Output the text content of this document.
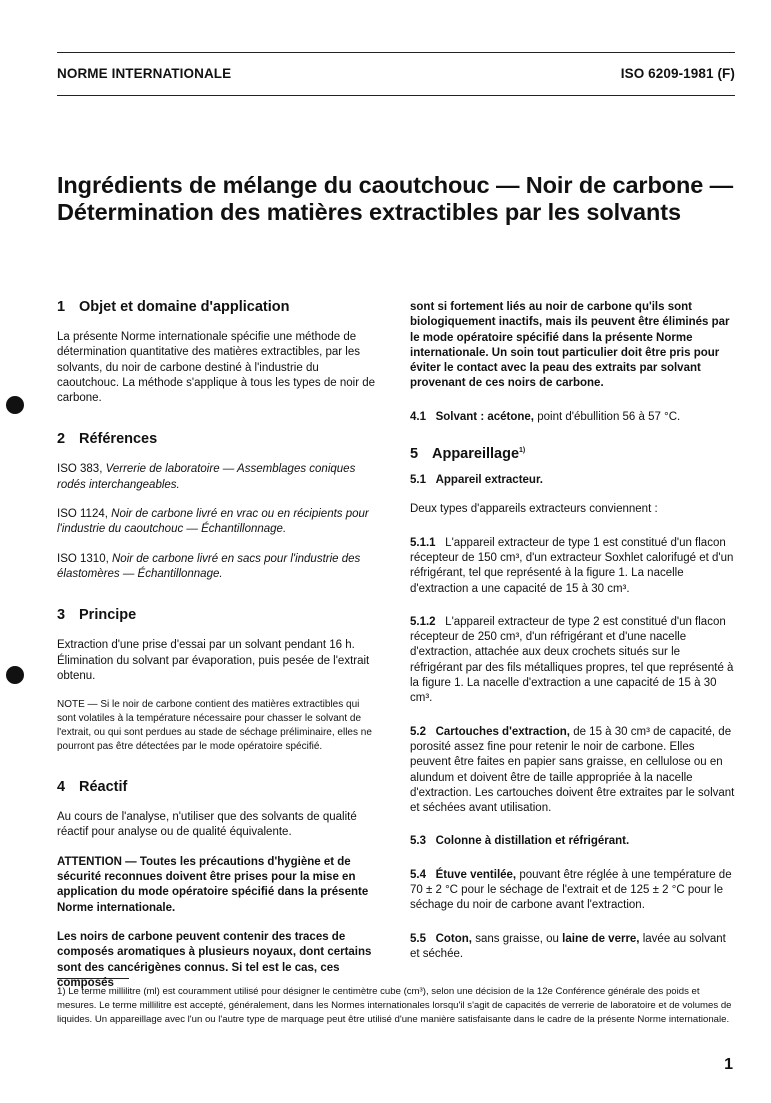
NORME INTERNATIONALE	ISO 6209-1981 (F)
Ingrédients de mélange du caoutchouc — Noir de carbone — Détermination des matières extractibles par les solvants
1 Objet et domaine d'application

La présente Norme internationale spécifie une méthode de détermination quantitative des matières extractibles, par les solvants, du noir de carbone destiné à l'industrie du caoutchouc. La méthode s'applique à tous les types de noir de carbone.

2 Références

ISO 383, Verrerie de laboratoire — Assemblages coniques rodés interchangeables.

ISO 1124, Noir de carbone livré en vrac ou en récipients pour l'industrie du caoutchouc — Échantillonnage.

ISO 1310, Noir de carbone livré en sacs pour l'industrie des élastomères — Échantillonnage.

3 Principe

Extraction d'une prise d'essai par un solvant pendant 16 h. Élimination du solvant par évaporation, puis pesée de l'extrait obtenu.

NOTE — Si le noir de carbone contient des matières extractibles qui sont volatiles à la température nécessaire pour chasser le solvant de l'extrait, ou qui sont perdues au stade de séchage préliminaire, elles ne pourront pas être détectées par le mode opératoire spécifié.

4 Réactif

Au cours de l'analyse, n'utiliser que des solvants de qualité réactif pour analyse ou de qualité équivalente.

ATTENTION — Toutes les précautions d'hygiène et de sécurité reconnues doivent être prises pour la mise en application du mode opératoire spécifié dans la présente Norme internationale.

Les noirs de carbone peuvent contenir des traces de composés aromatiques à plusieurs noyaux, dont certains sont des cancérigènes connus. Si tel est le cas, ces composés

sont si fortement liés au noir de carbone qu'ils sont biologiquement inactifs, mais ils peuvent être éliminés par le mode opératoire spécifié dans la présente Norme internationale. Un soin tout particulier doit être pris pour éviter le contact avec la peau des extraits par solvant provenant de ces noirs de carbone.

4.1 Solvant : acétone, point d'ébullition 56 à 57 °C.

5 Appareillage$^{1)}$

5.1 Appareil extracteur.

Deux types d'appareils extracteurs conviennent :

5.1.1 L'appareil extracteur de type 1 est constitué d'un flacon récepteur de 150 cm³, d'un extracteur Soxhlet calorifugé et d'un réfrigérant, tel que représenté à la figure 1. La nacelle d'extraction a une capacité de 15 à 30 cm³.

5.1.2 L'appareil extracteur de type 2 est constitué d'un flacon récepteur de 250 cm³, d'un réfrigérant et d'une nacelle d'extraction, attachée aux deux crochets situés sur le réfrigérant par des fils métalliques propres, tel que représenté à la figure 1. La nacelle d'extraction a une capacité de 15 à 30 cm³.

5.2 Cartouches d'extraction, de 15 à 30 cm³ de capacité, de porosité assez fine pour retenir le noir de carbone. Elles peuvent être faites en papier sans graisse, en cellulose ou en alundum et doivent être de taille appropriée à la nacelle d'extraction. Les cartouches doivent être extraites par le solvant et séchées avant utilisation.

5.3 Colonne à distillation et réfrigérant.

5.4 Étuve ventilée, pouvant être réglée à une température de 70 ± 2 °C pour le séchage de l'extrait et de 125 ± 2 °C pour le séchage du noir de carbone avant l'extraction.

5.5 Coton, sans graisse, ou laine de verre, lavée au solvant et séchée.

1) Le terme millilitre (ml) est couramment utilisé pour désigner le centimètre cube (cm³), selon une décision de la 12e Conférence générale des poids et mesures. Le terme millilitre est accepté, généralement, dans les Normes internationales lorsqu'il s'agit de capacités de verrerie de laboratoire et de volumes de liquides. Un appareillage avec l'un ou l'autre type de marquage peut être utilisé d'une manière satisfaisante dans le cadre de la présente Norme internationale.
1
